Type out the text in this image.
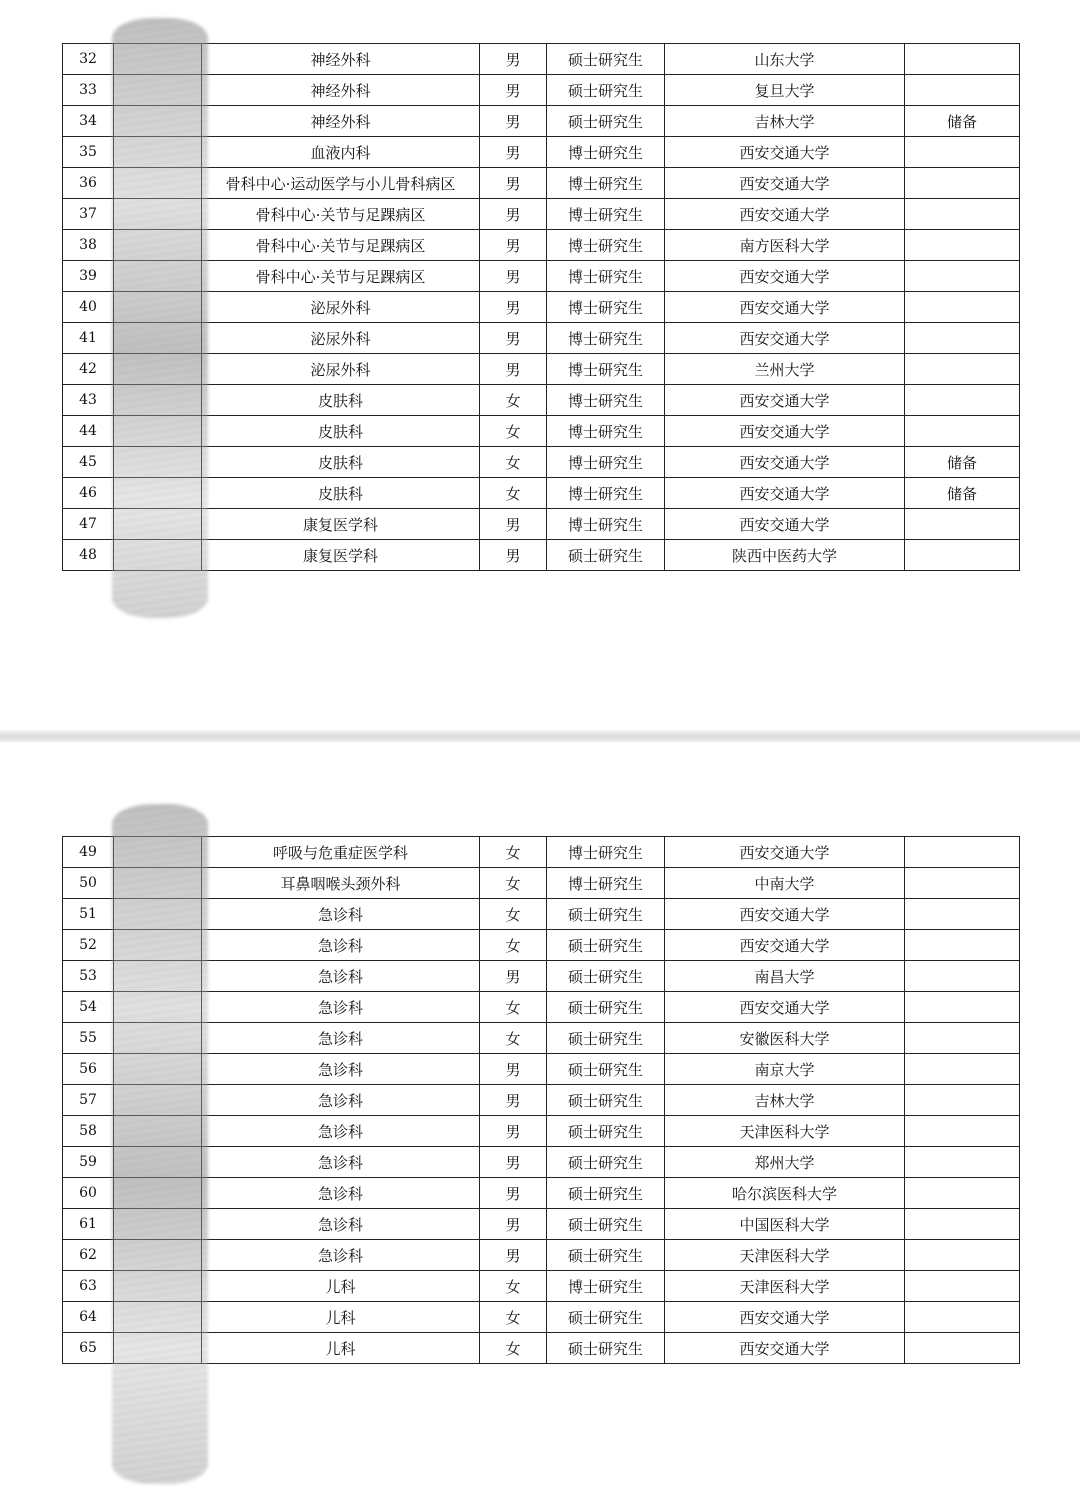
32		神经外科	男	硕士研究生	山东大学	
33		神经外科	男	硕士研究生	复旦大学	
34		神经外科	男	硕士研究生	吉林大学	储备
35		血液内科	男	博士研究生	西安交通大学	
36		骨科中心·运动医学与小儿骨科病区	男	博士研究生	西安交通大学	
37		骨科中心·关节与足踝病区	男	博士研究生	西安交通大学	
38		骨科中心·关节与足踝病区	男	博士研究生	南方医科大学	
39		骨科中心·关节与足踝病区	男	博士研究生	西安交通大学	
40		泌尿外科	男	博士研究生	西安交通大学	
41		泌尿外科	男	博士研究生	西安交通大学	
42		泌尿外科	男	博士研究生	兰州大学	
43		皮肤科	女	博士研究生	西安交通大学	
44		皮肤科	女	博士研究生	西安交通大学	
45		皮肤科	女	博士研究生	西安交通大学	储备
46		皮肤科	女	博士研究生	西安交通大学	储备
47		康复医学科	男	博士研究生	西安交通大学	
48		康复医学科	男	硕士研究生	陕西中医药大学	
49		呼吸与危重症医学科	女	博士研究生	西安交通大学	
50		耳鼻咽喉头颈外科	女	博士研究生	中南大学	
51		急诊科	女	硕士研究生	西安交通大学	
52		急诊科	女	硕士研究生	西安交通大学	
53		急诊科	男	硕士研究生	南昌大学	
54		急诊科	女	硕士研究生	西安交通大学	
55		急诊科	女	硕士研究生	安徽医科大学	
56		急诊科	男	硕士研究生	南京大学	
57		急诊科	男	硕士研究生	吉林大学	
58		急诊科	男	硕士研究生	天津医科大学	
59		急诊科	男	硕士研究生	郑州大学	
60		急诊科	男	硕士研究生	哈尔滨医科大学	
61		急诊科	男	硕士研究生	中国医科大学	
62		急诊科	男	硕士研究生	天津医科大学	
63		儿科	女	博士研究生	天津医科大学	
64		儿科	女	硕士研究生	西安交通大学	
65		儿科	女	硕士研究生	西安交通大学	
